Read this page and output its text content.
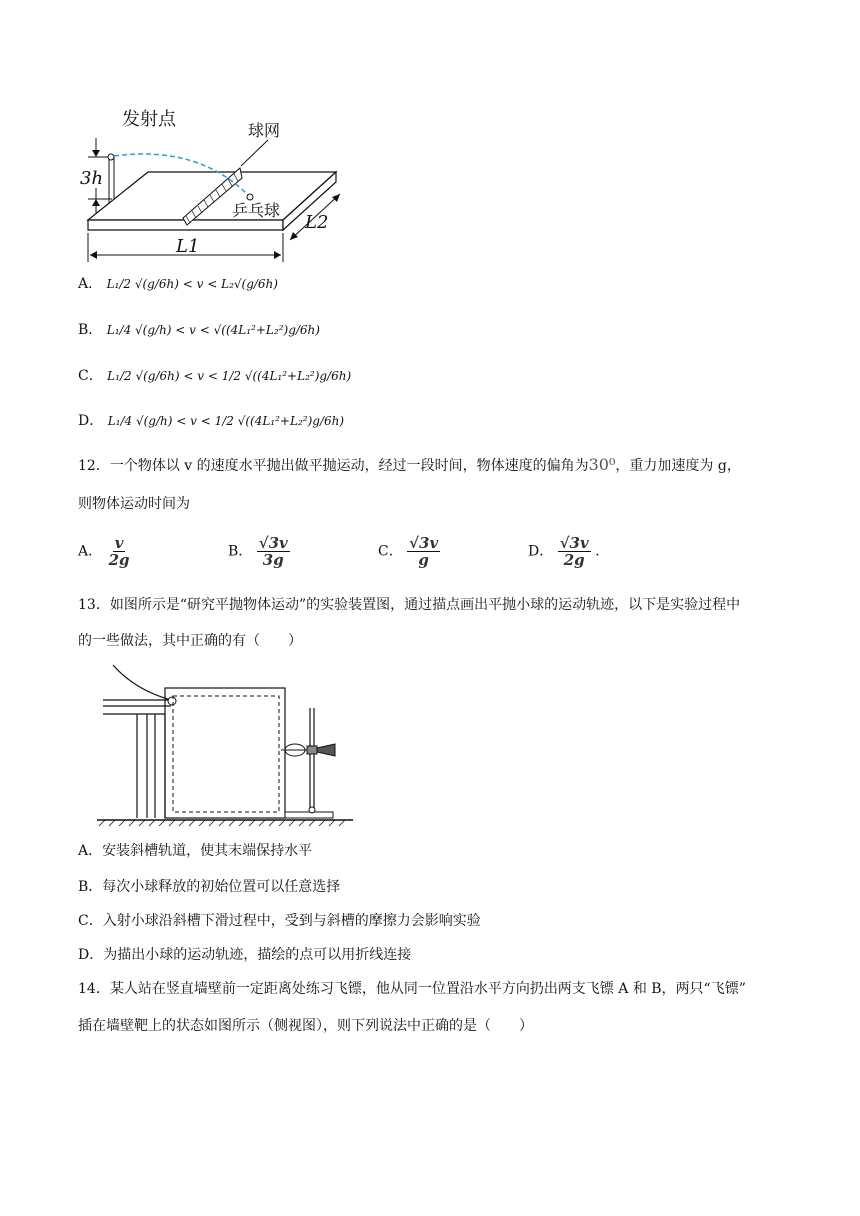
发射点
球网
乒乓球
3h
L1
L2
A． L₁/2 √(g/6h) < v < L₂√(g/6h)
B． L₁/4 √(g/h) < v < √((4L₁²+L₂²)g/6h)
C． L₁/2 √(g/6h) < v < 1/2 √((4L₁²+L₂²)g/6h)
D． L₁/4 √(g/h) < v < 1/2 √((4L₁²+L₂²)g/6h)
12．一个物体以 v 的速度水平抛出做平抛运动，经过一段时间，物体速度的偏角为30⁰，重力加速度为 g，
则物体运动时间为
A． $\frac{v}{2g}$	B． $\frac{√3v}{3g}$	C． $\frac{√3v}{g}$	D． $\frac{√3v}{2g}$ .
13．如图所示是“研究平抛物体运动”的实验装置图，通过描点画出平抛小球的运动轨迹，以下是实验过程中
的一些做法，其中正确的有（　　）
A．安装斜槽轨道，使其末端保持水平
B．每次小球释放的初始位置可以任意选择
C．入射小球沿斜槽下滑过程中，受到与斜槽的摩擦力会影响实验
D．为描出小球的运动轨迹，描绘的点可以用折线连接
14．某人站在竖直墙壁前一定距离处练习飞镖，他从同一位置沿水平方向扔出两支飞镖 A 和 B，两只“飞镖”
插在墙壁靶上的状态如图所示（侧视图），则下列说法中正确的是（　　）
